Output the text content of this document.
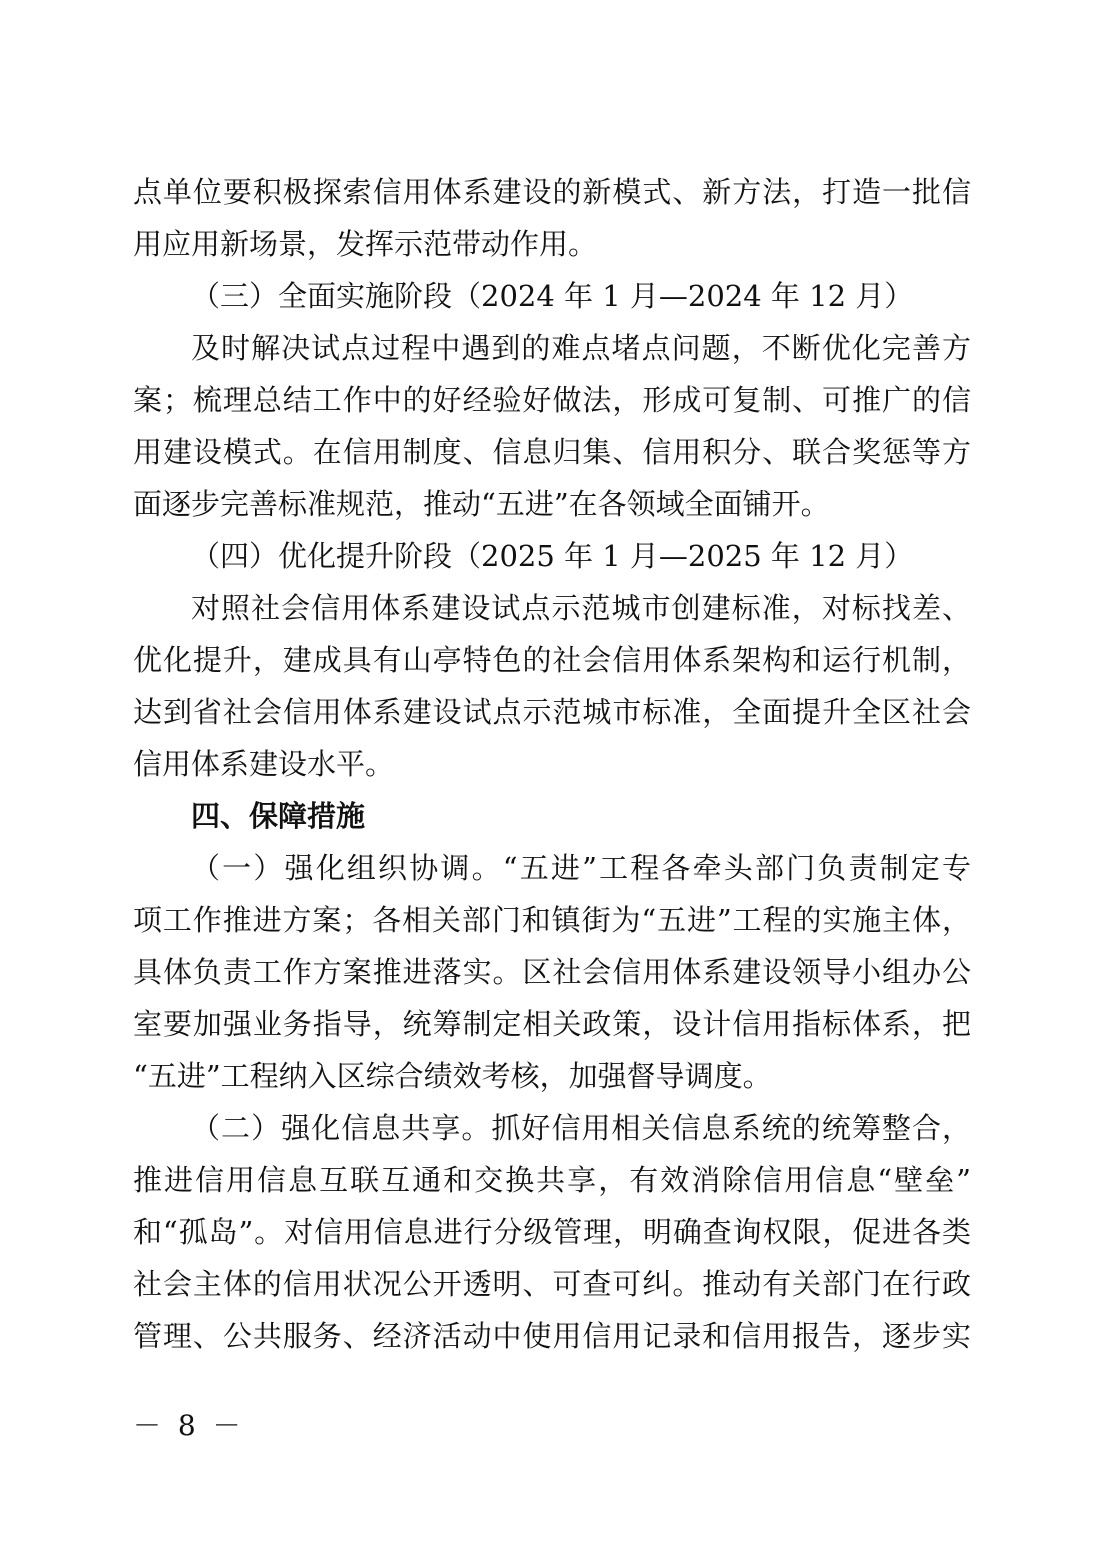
点单位要积极探索信用体系建设的新模式、新方法，打造一批信
用应用新场景，发挥示范带动作用。
（三）全面实施阶段（2024 年 1 月—2024 年 12 月）
及时解决试点过程中遇到的难点堵点问题，不断优化完善方
案；梳理总结工作中的好经验好做法，形成可复制、可推广的信
用建设模式。在信用制度、信息归集、信用积分、联合奖惩等方
面逐步完善标准规范，推动“五进”在各领域全面铺开。
（四）优化提升阶段（2025 年 1 月—2025 年 12 月）
对照社会信用体系建设试点示范城市创建标准，对标找差、
优化提升，建成具有山亭特色的社会信用体系架构和运行机制，
达到省社会信用体系建设试点示范城市标准，全面提升全区社会
信用体系建设水平。
四、保障措施
（一）强化组织协调。“五进”工程各牵头部门负责制定专
项工作推进方案；各相关部门和镇街为“五进”工程的实施主体，
具体负责工作方案推进落实。区社会信用体系建设领导小组办公
室要加强业务指导，统筹制定相关政策，设计信用指标体系，把
“五进”工程纳入区综合绩效考核，加强督导调度。
（二）强化信息共享。抓好信用相关信息系统的统筹整合，
推进信用信息互联互通和交换共享，有效消除信用信息“壁垒”
和“孤岛”。对信用信息进行分级管理，明确查询权限，促进各类
社会主体的信用状况公开透明、可查可纠。推动有关部门在行政
管理、公共服务、经济活动中使用信用记录和信用报告，逐步实
－ 8 －
